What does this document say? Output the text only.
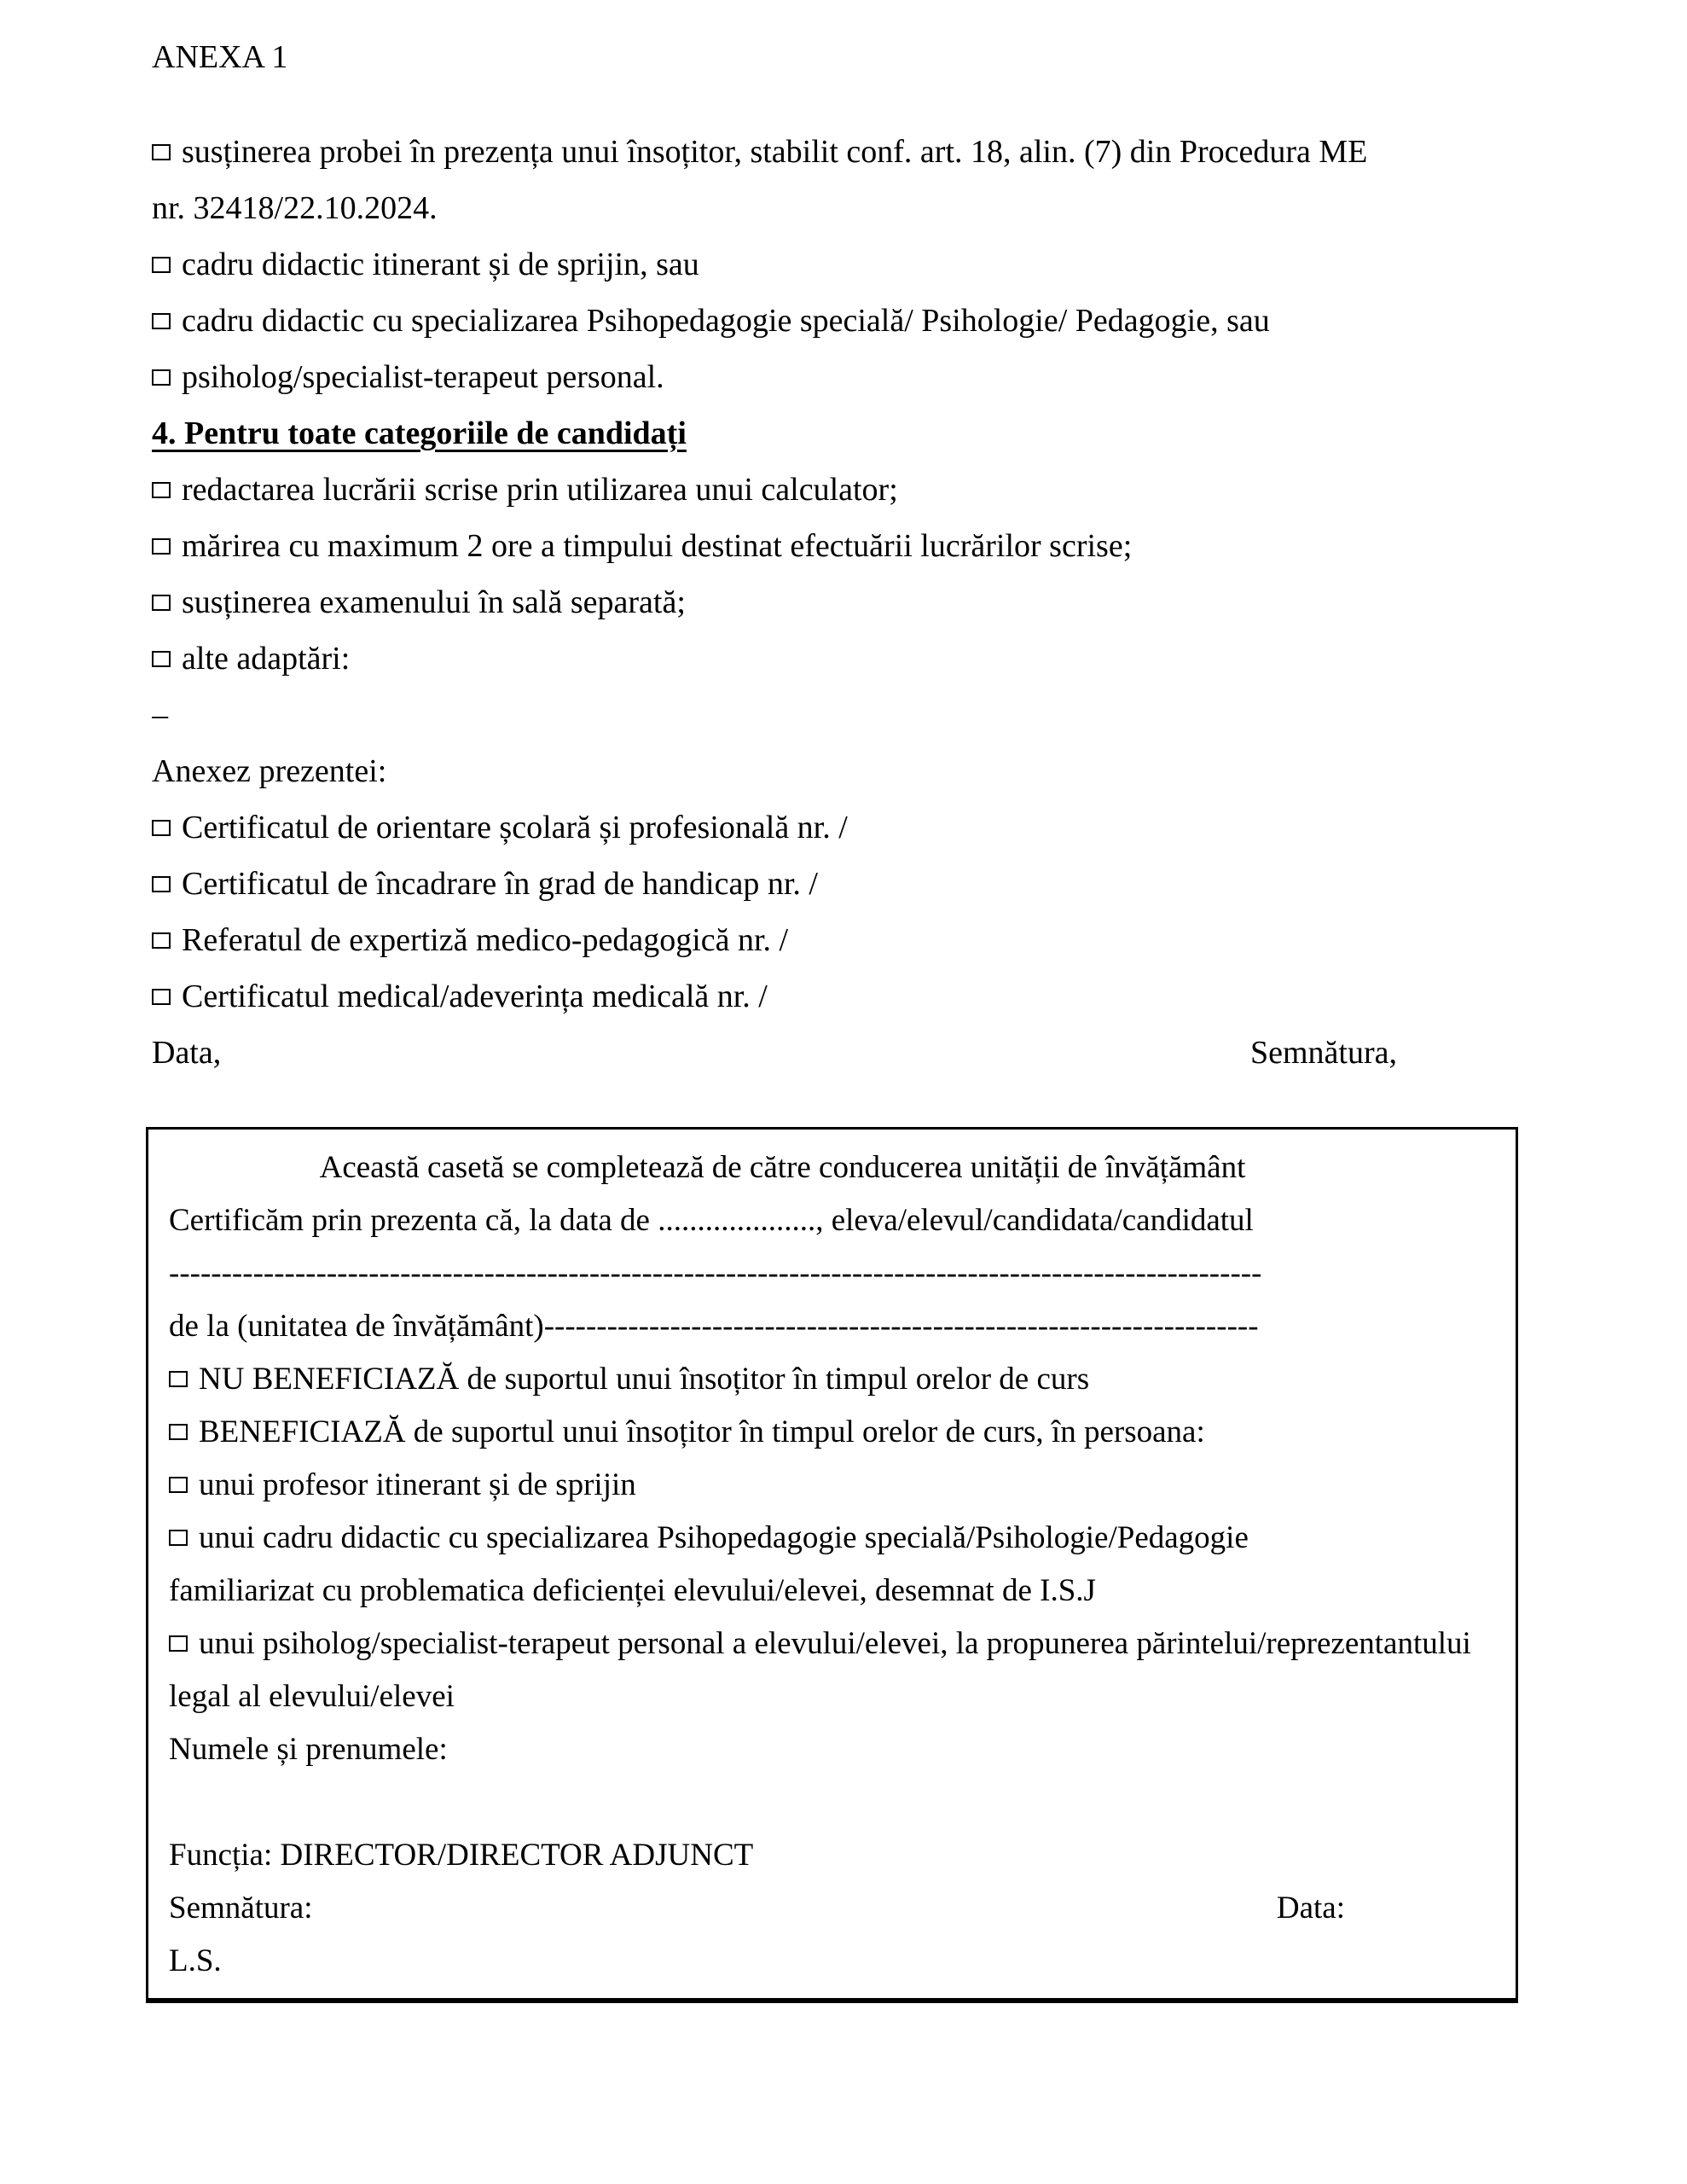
ANEXA 1

susținerea probei în prezența unui însoțitor, stabilit conf. art. 18, alin. (7) din Procedura ME

nr. 32418/22.10.2024.

cadru didactic itinerant și de sprijin, sau

cadru didactic cu specializarea Psihopedagogie specială/ Psihologie/ Pedagogie, sau

psiholog/specialist-terapeut personal.

4. Pentru toate categoriile de candidați

redactarea lucrării scrise prin utilizarea unui calculator;

mărirea cu maximum 2 ore a timpului destinat efectuării lucrărilor scrise;

susținerea examenului în sală separată;

alte adaptări:

–

Anexez prezentei:

Certificatul de orientare școlară și profesională nr. /

Certificatul de încadrare în grad de handicap nr. /

Referatul de expertiză medico-pedagogică nr. /

Certificatul medical/adeverința medicală nr. /

Data,	Semnătura,

Această casetă se completează de către conducerea unității de învățământ

Certificăm prin prezenta că, la data de ...................., eleva/elevul/candidata/candidatul

--------------------------------------------------------------------------------------------------------

de la (unitatea de învățământ)--------------------------------------------------------------------

NU BENEFICIAZĂ de suportul unui însoțitor în timpul orelor de curs

BENEFICIAZĂ de suportul unui însoțitor în timpul orelor de curs, în persoana:

unui profesor itinerant și de sprijin

unui cadru didactic cu specializarea Psihopedagogie specială/Psihologie/Pedagogie

familiarizat cu problematica deficienței elevului/elevei, desemnat de I.S.J

unui psiholog/specialist-terapeut personal a elevului/elevei, la propunerea părintelui/reprezentantului

legal al elevului/elevei

Numele și prenumele:

Funcția: DIRECTOR/DIRECTOR ADJUNCT

Semnătura:	Data:

L.S.
